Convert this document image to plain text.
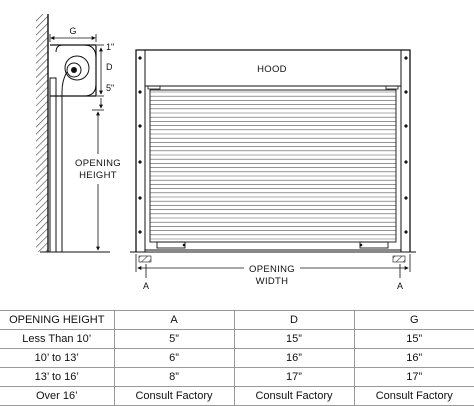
G
1"
D
5"
OPENING
HEIGHT
HOOD
OPENING
WIDTH
A	A
OPENING HEIGHT	A	D	G
Less Than 10’	5”	15”	15”
10’ to 13’	6”	16”	16”
13’ to 16’	8”	17”	17”
Over 16’	Consult Factory	Consult Factory	Consult Factory
